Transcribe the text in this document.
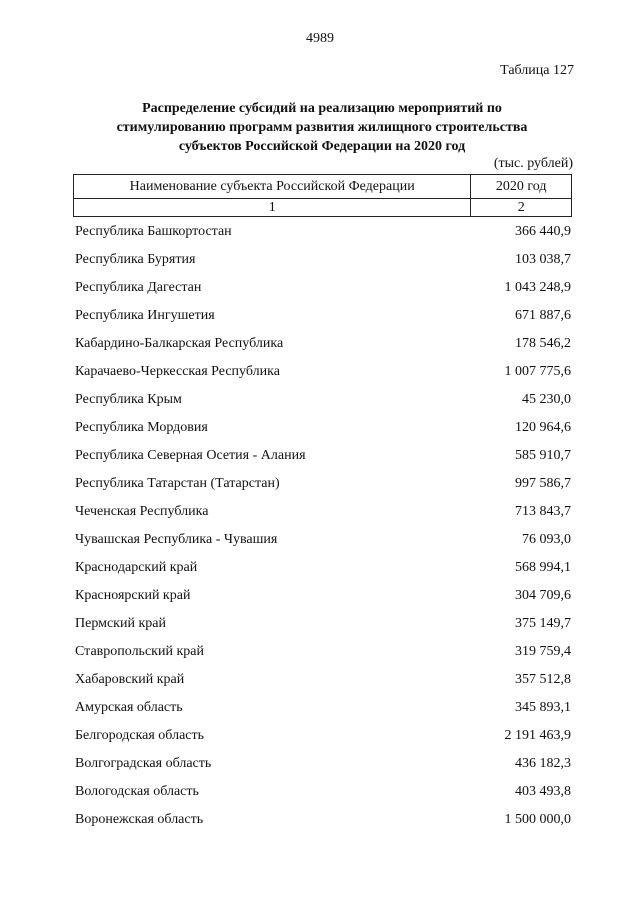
4989
Таблица 127
Распределение субсидий на реализацию мероприятий по
стимулированию программ развития жилищного строительства
субъектов Российской Федерации на 2020 год
(тыс. рублей)
Наименование субъекта Российской Федерации	2020 год
1	2
Республика Башкортостан	366 440,9
Республика Бурятия	103 038,7
Республика Дагестан	1 043 248,9
Республика Ингушетия	671 887,6
Кабардино-Балкарская Республика	178 546,2
Карачаево-Черкесская Республика	1 007 775,6
Республика Крым	45 230,0
Республика Мордовия	120 964,6
Республика Северная Осетия - Алания	585 910,7
Республика Татарстан (Татарстан)	997 586,7
Чеченская Республика	713 843,7
Чувашская Республика - Чувашия	76 093,0
Краснодарский край	568 994,1
Красноярский край	304 709,6
Пермский край	375 149,7
Ставропольский край	319 759,4
Хабаровский край	357 512,8
Амурская область	345 893,1
Белгородская область	2 191 463,9
Волгоградская область	436 182,3
Вологодская область	403 493,8
Воронежская область	1 500 000,0
